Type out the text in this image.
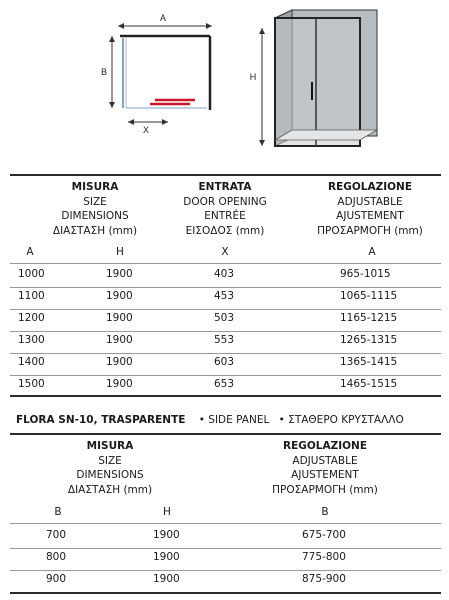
A
B
X
H
MISURA
SIZE
DIMENSIONS
ΔΙΑΣΤΑΣΗ (mm)
ENTRATA
DOOR OPENING
ENTRÉE
ΕΙΣΟΔΟΣ (mm)
REGOLAZIONE
ADJUSTABLE
AJUSTEMENT
ΠΡΟΣΑΡΜΟΓΗ (mm)
A	H	X	A
1000	1900	403	965-1015
1100	1900	453	1065-1115
1200	1900	503	1165-1215
1300	1900	553	1265-1315
1400	1900	603	1365-1415
1500	1900	653	1465-1515
FLORA SN-10, TRASPARENTE • SIDE PANEL • ΣΤΑΘΕΡΟ ΚΡΥΣΤΑΛΛΟ
MISURA
SIZE
DIMENSIONS
ΔΙΑΣΤΑΣΗ (mm)
REGOLAZIONE
ADJUSTABLE
AJUSTEMENT
ΠΡΟΣΑΡΜΟΓΗ (mm)
B	H	B
700	1900	675-700
800	1900	775-800
900	1900	875-900
